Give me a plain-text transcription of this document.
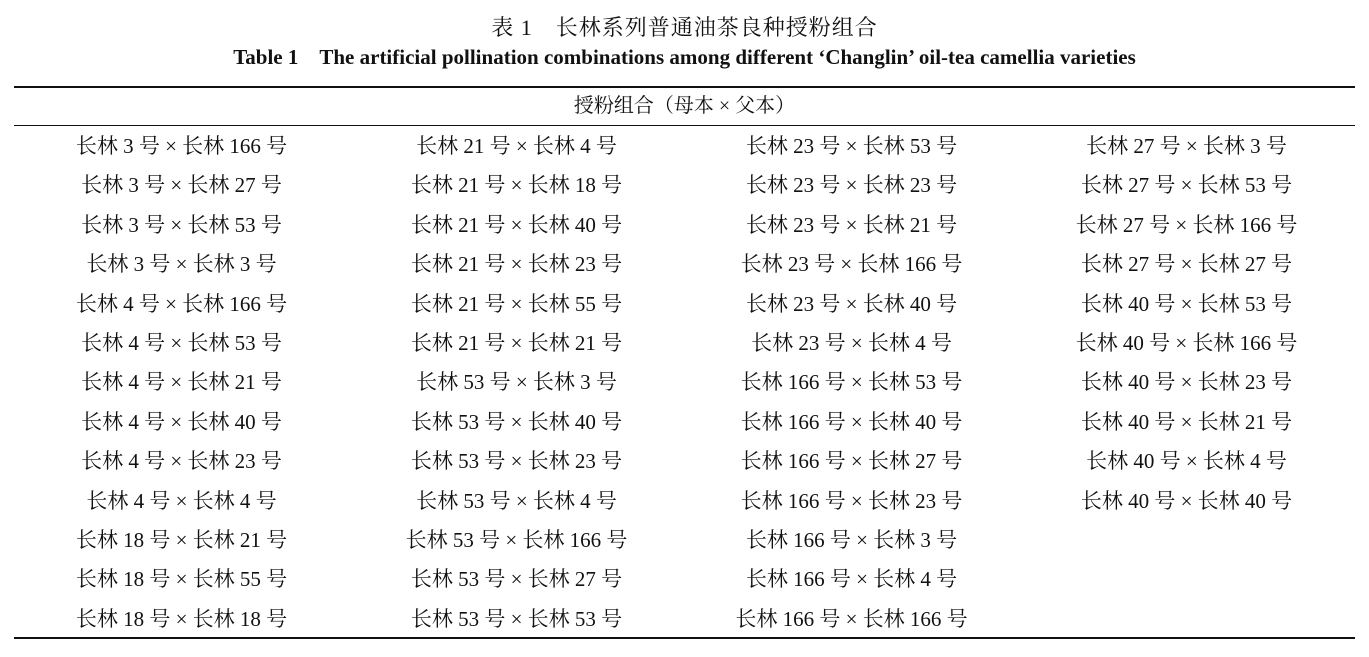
表 1　长林系列普通油茶良种授粉组合
Table 1　The artificial pollination combinations among different ‘Changlin’ oil-tea camellia varieties
授粉组合（母本 × 父本）
长林 3 号 × 长林 166 号
长林 3 号 × 长林 27 号
长林 3 号 × 长林 53 号
长林 3 号 × 长林 3 号
长林 4 号 × 长林 166 号
长林 4 号 × 长林 53 号
长林 4 号 × 长林 21 号
长林 4 号 × 长林 40 号
长林 4 号 × 长林 23 号
长林 4 号 × 长林 4 号
长林 18 号 × 长林 21 号
长林 18 号 × 长林 55 号
长林 18 号 × 长林 18 号
长林 21 号 × 长林 4 号
长林 21 号 × 长林 18 号
长林 21 号 × 长林 40 号
长林 21 号 × 长林 23 号
长林 21 号 × 长林 55 号
长林 21 号 × 长林 21 号
长林 53 号 × 长林 3 号
长林 53 号 × 长林 40 号
长林 53 号 × 长林 23 号
长林 53 号 × 长林 4 号
长林 53 号 × 长林 166 号
长林 53 号 × 长林 27 号
长林 53 号 × 长林 53 号
长林 23 号 × 长林 53 号
长林 23 号 × 长林 23 号
长林 23 号 × 长林 21 号
长林 23 号 × 长林 166 号
长林 23 号 × 长林 40 号
长林 23 号 × 长林 4 号
长林 166 号 × 长林 53 号
长林 166 号 × 长林 40 号
长林 166 号 × 长林 27 号
长林 166 号 × 长林 23 号
长林 166 号 × 长林 3 号
长林 166 号 × 长林 4 号
长林 166 号 × 长林 166 号
长林 27 号 × 长林 3 号
长林 27 号 × 长林 53 号
长林 27 号 × 长林 166 号
长林 27 号 × 长林 27 号
长林 40 号 × 长林 53 号
长林 40 号 × 长林 166 号
长林 40 号 × 长林 23 号
长林 40 号 × 长林 21 号
长林 40 号 × 长林 4 号
长林 40 号 × 长林 40 号
